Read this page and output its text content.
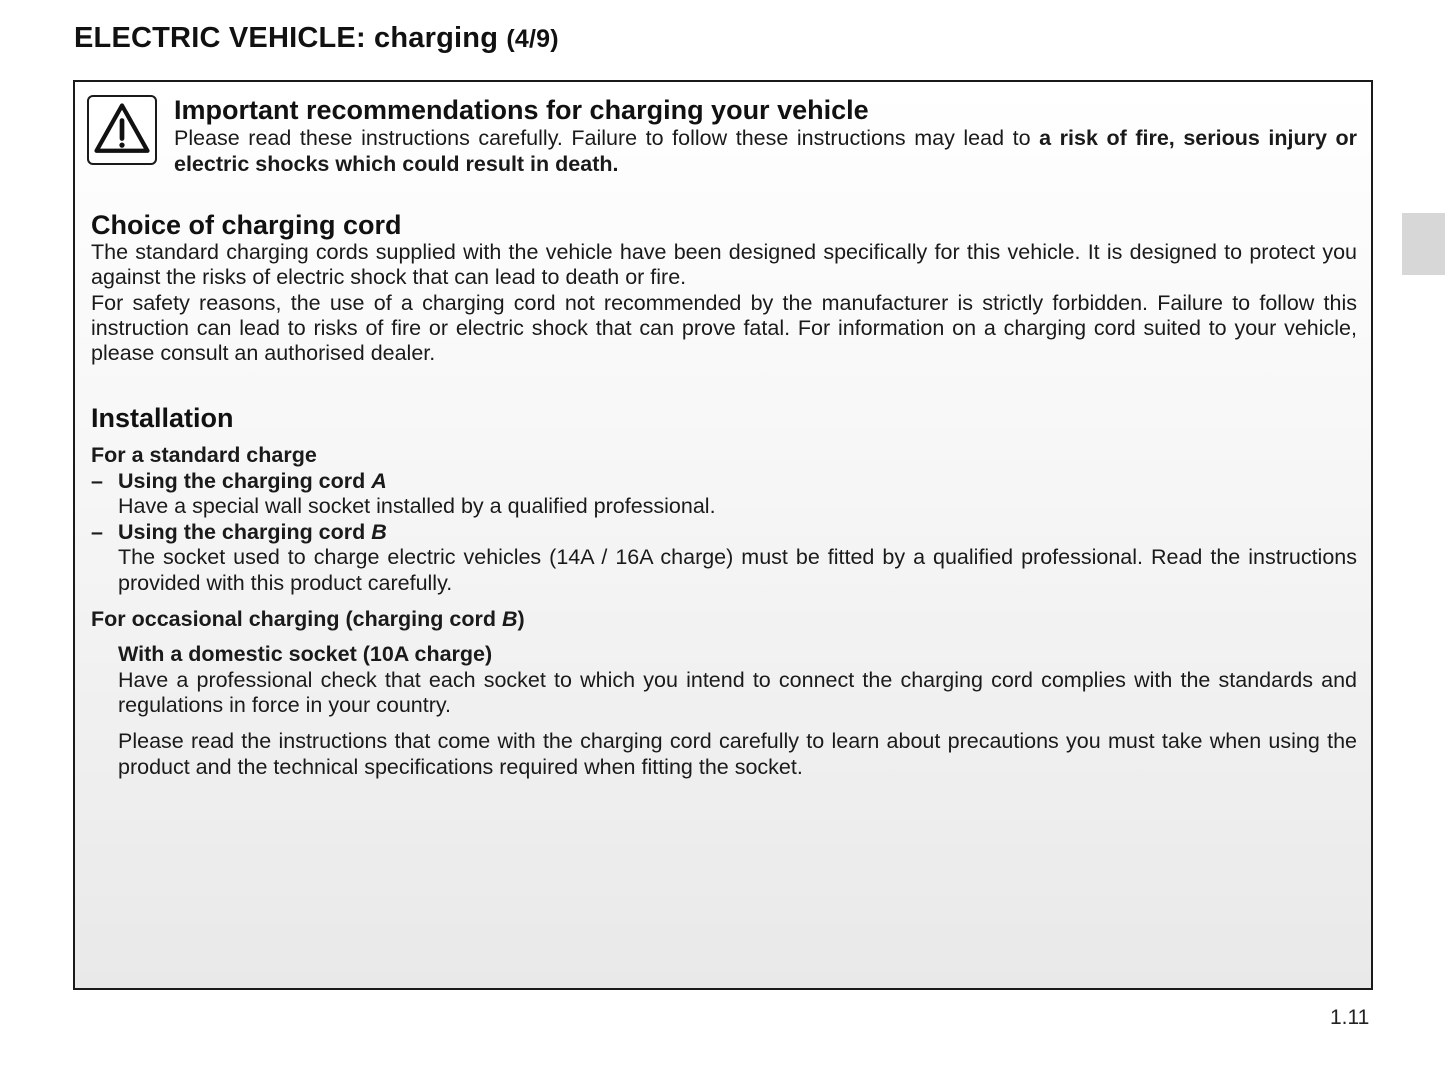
ELECTRIC VEHICLE: charging (4/9)
Important recommendations for charging your vehicle

Please read these instructions carefully. Failure to follow these instructions may lead to a risk of fire, serious injury or electric shocks which could result in death.

Choice of charging cord

The standard charging cords supplied with the vehicle have been designed specifically for this vehicle. It is designed to protect you against the risks of electric shock that can lead to death or fire.

For safety reasons, the use of a charging cord not recommended by the manufacturer is strictly forbidden. Failure to follow this instruction can lead to risks of fire or electric shock that can prove fatal. For information on a charging cord suited to your vehicle, please consult an authorised dealer.

Installation
For a standard charge
– Using the charging cord A

Have a special wall socket installed by a qualified professional.

– Using the charging cord B

The socket used to charge electric vehicles (14A / 16A charge) must be fitted by a qualified professional. Read the instructions provided with this product carefully.

For occasional charging (charging cord B)
With a domestic socket (10A charge)

Have a professional check that each socket to which you intend to connect the charging cord complies with the standards and regulations in force in your country.

Please read the instructions that come with the charging cord carefully to learn about precautions you must take when using the product and the technical specifications required when fitting the socket.

1.11
